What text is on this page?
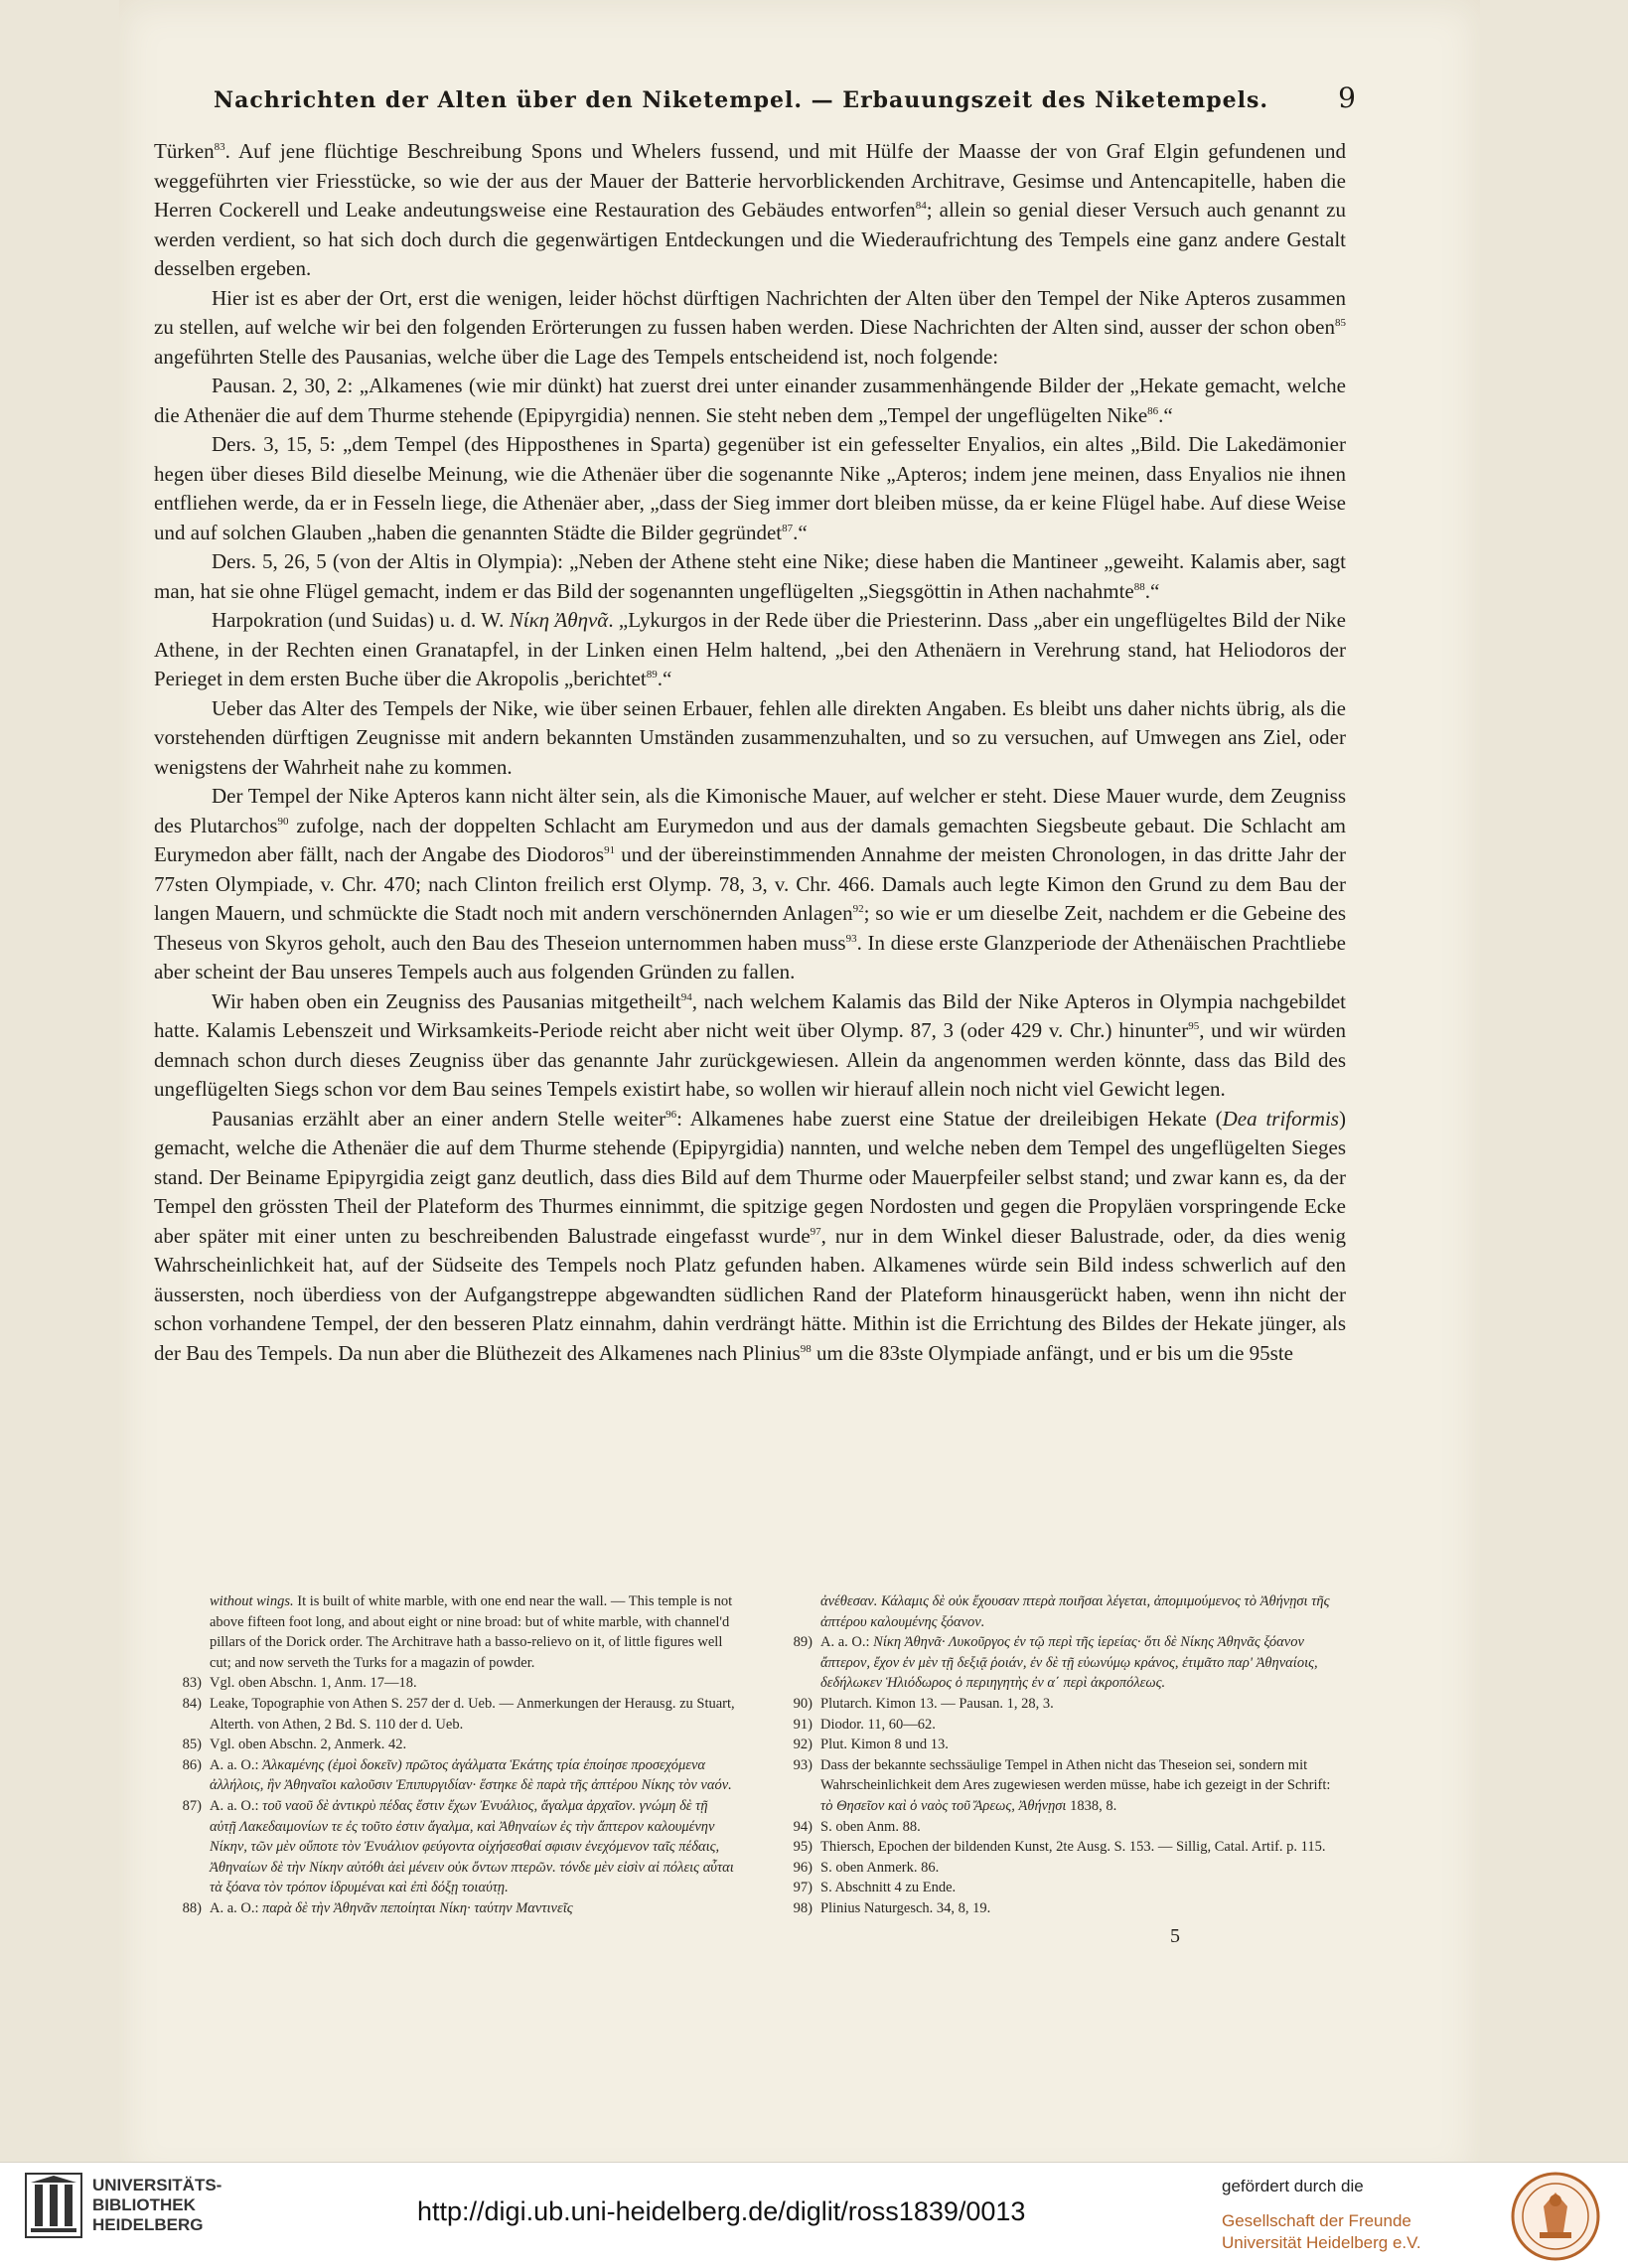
Nachrichten der Alten über den Niketempel. — Erbauungszeit des Niketempels.	9

Türken$^{83}$. Auf jene flüchtige Beschreibung Spons und Whelers fussend, und mit Hülfe der Maasse der von Graf Elgin gefundenen und weggeführten vier Friesstücke, so wie der aus der Mauer der Batterie hervorblickenden Architrave, Gesimse und Antencapitelle, haben die Herren Cockerell und Leake andeutungsweise eine Restauration des Gebäudes entworfen$^{84}$; allein so genial dieser Versuch auch genannt zu werden verdient, so hat sich doch durch die gegenwärtigen Entdeckungen und die Wiederaufrichtung des Tempels eine ganz andere Gestalt desselben ergeben.

Hier ist es aber der Ort, erst die wenigen, leider höchst dürftigen Nachrichten der Alten über den Tempel der Nike Apteros zusammen zu stellen, auf welche wir bei den folgenden Erörterungen zu fussen haben werden. Diese Nachrichten der Alten sind, ausser der schon oben$^{85}$ angeführten Stelle des Pausanias, welche über die Lage des Tempels entscheidend ist, noch folgende:

Pausan. 2, 30, 2: „Alkamenes (wie mir dünkt) hat zuerst drei unter einander zusammenhängende Bilder der „Hekate gemacht, welche die Athenäer die auf dem Thurme stehende (Epipyrgidia) nennen. Sie steht neben dem „Tempel der ungeflügelten Nike$^{86}$.“

Ders. 3, 15, 5: „dem Tempel (des Hipposthenes in Sparta) gegenüber ist ein gefesselter Enyalios, ein altes „Bild. Die Lakedämonier hegen über dieses Bild dieselbe Meinung, wie die Athenäer über die sogenannte Nike „Apteros; indem jene meinen, dass Enyalios nie ihnen entfliehen werde, da er in Fesseln liege, die Athenäer aber, „dass der Sieg immer dort bleiben müsse, da er keine Flügel habe. Auf diese Weise und auf solchen Glauben „haben die genannten Städte die Bilder gegründet$^{87}$.“

Ders. 5, 26, 5 (von der Altis in Olympia): „Neben der Athene steht eine Nike; diese haben die Mantineer „geweiht. Kalamis aber, sagt man, hat sie ohne Flügel gemacht, indem er das Bild der sogenannten ungeflügelten „Siegsgöttin in Athen nachahmte$^{88}$.“

Harpokration (und Suidas) u. d. W. Νίκη Ἀθηνᾶ. „Lykurgos in der Rede über die Priesterinn. Dass „aber ein ungeflügeltes Bild der Nike Athene, in der Rechten einen Granatapfel, in der Linken einen Helm haltend, „bei den Athenäern in Verehrung stand, hat Heliodoros der Perieget in dem ersten Buche über die Akropolis „berichtet$^{89}$.“

Ueber das Alter des Tempels der Nike, wie über seinen Erbauer, fehlen alle direkten Angaben. Es bleibt uns daher nichts übrig, als die vorstehenden dürftigen Zeugnisse mit andern bekannten Umständen zusammenzuhalten, und so zu versuchen, auf Umwegen ans Ziel, oder wenigstens der Wahrheit nahe zu kommen.

Der Tempel der Nike Apteros kann nicht älter sein, als die Kimonische Mauer, auf welcher er steht. Diese Mauer wurde, dem Zeugniss des Plutarchos$^{90}$ zufolge, nach der doppelten Schlacht am Eurymedon und aus der damals gemachten Siegsbeute gebaut. Die Schlacht am Eurymedon aber fällt, nach der Angabe des Diodoros$^{91}$ und der übereinstimmenden Annahme der meisten Chronologen, in das dritte Jahr der 77sten Olympiade, v. Chr. 470; nach Clinton freilich erst Olymp. 78, 3, v. Chr. 466. Damals auch legte Kimon den Grund zu dem Bau der langen Mauern, und schmückte die Stadt noch mit andern verschönernden Anlagen$^{92}$; so wie er um dieselbe Zeit, nachdem er die Gebeine des Theseus von Skyros geholt, auch den Bau des Theseion unternommen haben muss$^{93}$. In diese erste Glanzperiode der Athenäischen Prachtliebe aber scheint der Bau unseres Tempels auch aus folgenden Gründen zu fallen.

Wir haben oben ein Zeugniss des Pausanias mitgetheilt$^{94}$, nach welchem Kalamis das Bild der Nike Apteros in Olympia nachgebildet hatte. Kalamis Lebenszeit und Wirksamkeits-Periode reicht aber nicht weit über Olymp. 87, 3 (oder 429 v. Chr.) hinunter$^{95}$, und wir würden demnach schon durch dieses Zeugniss über das genannte Jahr zurückgewiesen. Allein da angenommen werden könnte, dass das Bild des ungeflügelten Siegs schon vor dem Bau seines Tempels existirt habe, so wollen wir hierauf allein noch nicht viel Gewicht legen.

Pausanias erzählt aber an einer andern Stelle weiter$^{96}$: Alkamenes habe zuerst eine Statue der dreileibigen Hekate (Dea triformis) gemacht, welche die Athenäer die auf dem Thurme stehende (Epipyrgidia) nannten, und welche neben dem Tempel des ungeflügelten Sieges stand. Der Beiname Epipyrgidia zeigt ganz deutlich, dass dies Bild auf dem Thurme oder Mauerpfeiler selbst stand; und zwar kann es, da der Tempel den grössten Theil der Plateform des Thurmes einnimmt, die spitzige gegen Nordosten und gegen die Propyläen vorspringende Ecke aber später mit einer unten zu beschreibenden Balustrade eingefasst wurde$^{97}$, nur in dem Winkel dieser Balustrade, oder, da dies wenig Wahrscheinlichkeit hat, auf der Südseite des Tempels noch Platz gefunden haben. Alkamenes würde sein Bild indess schwerlich auf den äussersten, noch überdiess von der Aufgangstreppe abgewandten südlichen Rand der Plateform hinausgerückt haben, wenn ihn nicht der schon vorhandene Tempel, der den besseren Platz einnahm, dahin verdrängt hätte. Mithin ist die Errichtung des Bildes der Hekate jünger, als der Bau des Tempels. Da nun aber die Blüthezeit des Alkamenes nach Plinius$^{98}$ um die 83ste Olympiade anfängt, und er bis um die 95ste

without wings. It is built of white marble, with one end near the wall. — This temple is not above fifteen foot long, and about eight or nine broad: but of white marble, with channel'd pillars of the Dorick order. The Architrave hath a basso-relievo on it, of little figures well cut; and now serveth the Turks for a magazin of powder.
83) Vgl. oben Abschn. 1, Anm. 17—18.
84) Leake, Topographie von Athen S. 257 der d. Ueb. — Anmerkungen der Herausg. zu Stuart, Alterth. von Athen, 2 Bd. S. 110 der d. Ueb.
85) Vgl. oben Abschn. 2, Anmerk. 42.
86) A. a. O.: Ἀλκαμένης (ἐμοὶ δοκεῖν) πρῶτος ἀγάλματα Ἑκάτης τρία ἐποίησε προσεχόμενα ἀλλήλοις, ἣν Ἀθηναῖοι καλοῦσιν Ἐπιπυργιδίαν· ἕστηκε δὲ παρὰ τῆς ἀπτέρου Νίκης τὸν ναόν.
87) A. a. O.: τοῦ ναοῦ δὲ ἀντικρὺ πέδας ἔστιν ἔχων Ἐνυάλιος, ἄγαλμα ἀρχαῖον. γνώμη δὲ τῇ αὐτῇ Λακεδαιμονίων τε ἐς τοῦτο ἐστιν ἄγαλμα, καὶ Ἀθηναίων ἐς τὴν ἄπτερον καλουμένην Νίκην, τῶν μὲν οὔποτε τὸν Ἐνυάλιον φεύγοντα οἰχήσεσθαί σφισιν ἐνεχόμενον ταῖς πέδαις, Ἀθηναίων δὲ τὴν Νίκην αὐτόθι ἀεὶ μένειν οὐκ ὄντων πτερῶν. τόνδε μὲν εἰσὶν αἱ πόλεις αὗται τὰ ξόανα τὸν τρόπον ἱδρυμέναι καὶ ἐπὶ δόξῃ τοιαύτῃ.
88) A. a. O.: παρὰ δὲ τὴν Ἀθηνᾶν πεποίηται Νίκη· ταύτην Μαντινεῖς
ἀνέθεσαν. Κάλαμις δὲ οὐκ ἔχουσαν πτερὰ ποιῆσαι λέγεται, ἀπομιμούμενος τὸ Ἀθήνῃσι τῆς ἀπτέρου καλουμένης ξόανον.
89) A. a. O.: Νίκη Ἀθηνᾶ· Λυκοῦργος ἐν τῷ περὶ τῆς ἱερείας· ὅτι δὲ Νίκης Ἀθηνᾶς ξόανον ἄπτερον, ἔχον ἐν μὲν τῇ δεξιᾷ ῥοιάν, ἐν δὲ τῇ εὐωνύμῳ κράνος, ἐτιμᾶτο παρ' Ἀθηναίοις, δεδήλωκεν Ἡλιόδωρος ὁ περιηγητὴς ἐν α΄ περὶ ἀκροπόλεως.
90) Plutarch. Kimon 13. — Pausan. 1, 28, 3.
91) Diodor. 11, 60—62.
92) Plut. Kimon 8 und 13.
93) Dass der bekannte sechssäulige Tempel in Athen nicht das Theseion sei, sondern mit Wahrscheinlichkeit dem Ares zugewiesen werden müsse, habe ich gezeigt in der Schrift: τὸ Θησεῖον καὶ ὁ ναὸς τοῦ Ἄρεως, Ἀθήνῃσι 1838, 8.
94) S. oben Anm. 88.
95) Thiersch, Epochen der bildenden Kunst, 2te Ausg. S. 153. — Sillig, Catal. Artif. p. 115.
96) S. oben Anmerk. 86.
97) S. Abschnitt 4 zu Ende.
98) Plinius Naturgesch. 34, 8, 19.
5
UNIVERSITÄTS-
BIBLIOTHEK
HEIDELBERG	http://digi.ub.uni-heidelberg.de/diglit/ross1839/0013
gefördert durch die
Gesellschaft der Freunde
Universität Heidelberg e.V.
